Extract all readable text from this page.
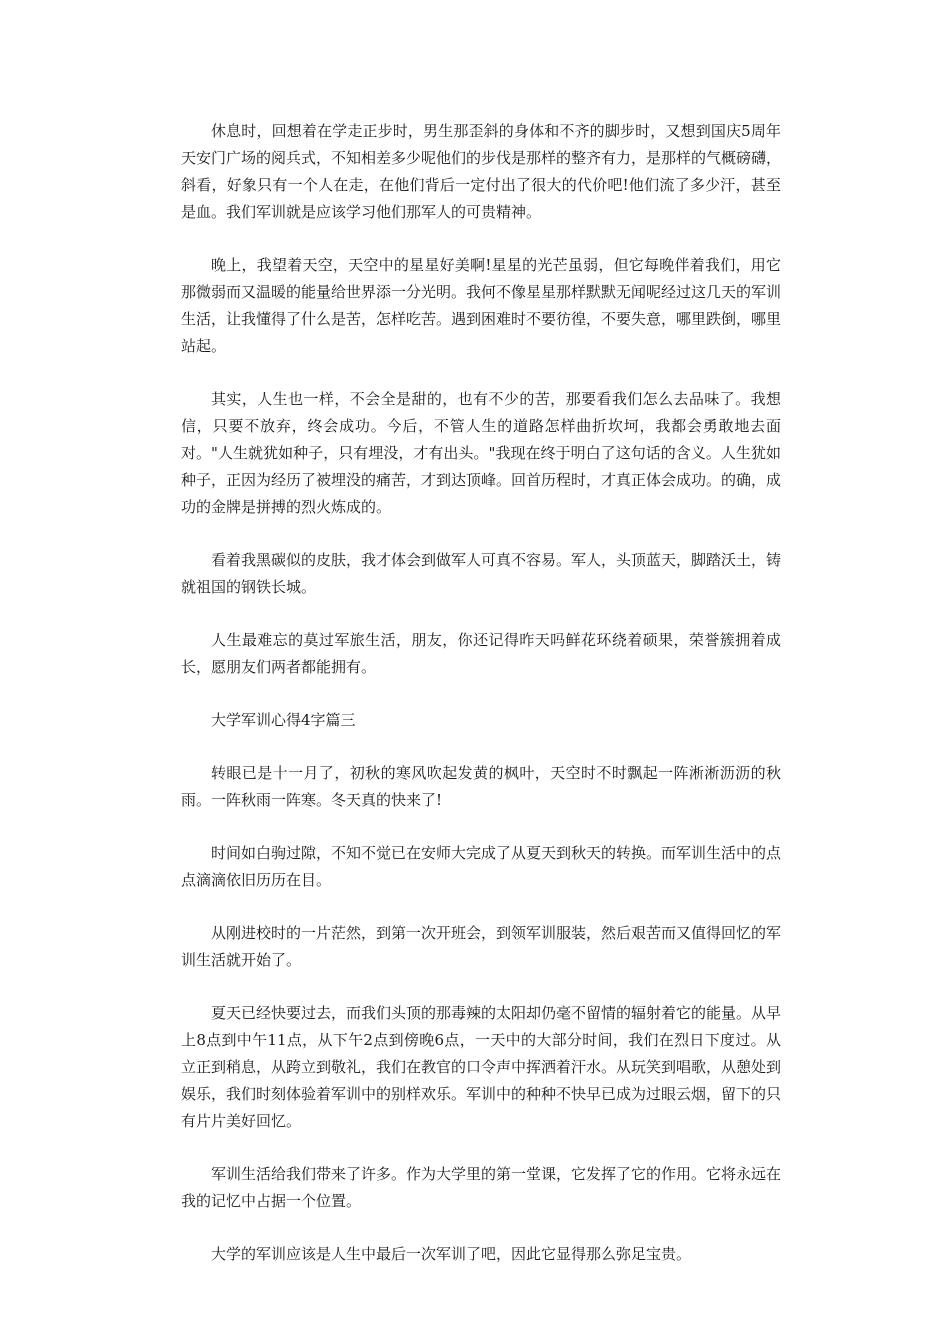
休息时，回想着在学走正步时，男生那歪斜的身体和不齐的脚步时，又想到国庆5周年天安门广场的阅兵式，不知相差多少呢他们的步伐是那样的整齐有力，是那样的气概磅礴，斜看，好象只有一个人在走，在他们背后一定付出了很大的代价吧!他们流了多少汗，甚至是血。我们军训就是应该学习他们那军人的可贵精神。

晚上，我望着天空，天空中的星星好美啊!星星的光芒虽弱，但它每晚伴着我们，用它那微弱而又温暖的能量给世界添一分光明。我何不像星星那样默默无闻呢经过这几天的军训生活，让我懂得了什么是苦，怎样吃苦。遇到困难时不要彷徨，不要失意，哪里跌倒，哪里站起。

其实，人生也一样，不会全是甜的，也有不少的苦，那要看我们怎么去品味了。我想信，只要不放弃，终会成功。今后，不管人生的道路怎样曲折坎坷，我都会勇敢地去面对。"人生就犹如种子，只有埋没，才有出头。"我现在终于明白了这句话的含义。人生犹如种子，正因为经历了被埋没的痛苦，才到达顶峰。回首历程时，才真正体会成功。的确，成功的金牌是拼搏的烈火炼成的。

看着我黑碳似的皮肤，我才体会到做军人可真不容易。军人，头顶蓝天，脚踏沃土，铸就祖国的钢铁长城。

人生最难忘的莫过军旅生活，朋友，你还记得昨天吗鲜花环绕着硕果，荣誉簇拥着成长，愿朋友们两者都能拥有。

大学军训心得4字篇三

转眼已是十一月了，初秋的寒风吹起发黄的枫叶，天空时不时飘起一阵淅淅沥沥的秋雨。一阵秋雨一阵寒。冬天真的快来了!

时间如白驹过隙，不知不觉已在安师大完成了从夏天到秋天的转换。而军训生活中的点点滴滴依旧历历在目。

从刚进校时的一片茫然，到第一次开班会，到领军训服装，然后艰苦而又值得回忆的军训生活就开始了。

夏天已经快要过去，而我们头顶的那毒辣的太阳却仍毫不留情的辐射着它的能量。从早上8点到中午11点，从下午2点到傍晚6点，一天中的大部分时间，我们在烈日下度过。从立正到稍息，从跨立到敬礼，我们在教官的口令声中挥洒着汗水。从玩笑到唱歌，从憩处到娱乐，我们时刻体验着军训中的别样欢乐。军训中的种种不快早已成为过眼云烟，留下的只有片片美好回忆。

军训生活给我们带来了许多。作为大学里的第一堂课，它发挥了它的作用。它将永远在我的记忆中占据一个位置。

大学的军训应该是人生中最后一次军训了吧，因此它显得那么弥足宝贵。
